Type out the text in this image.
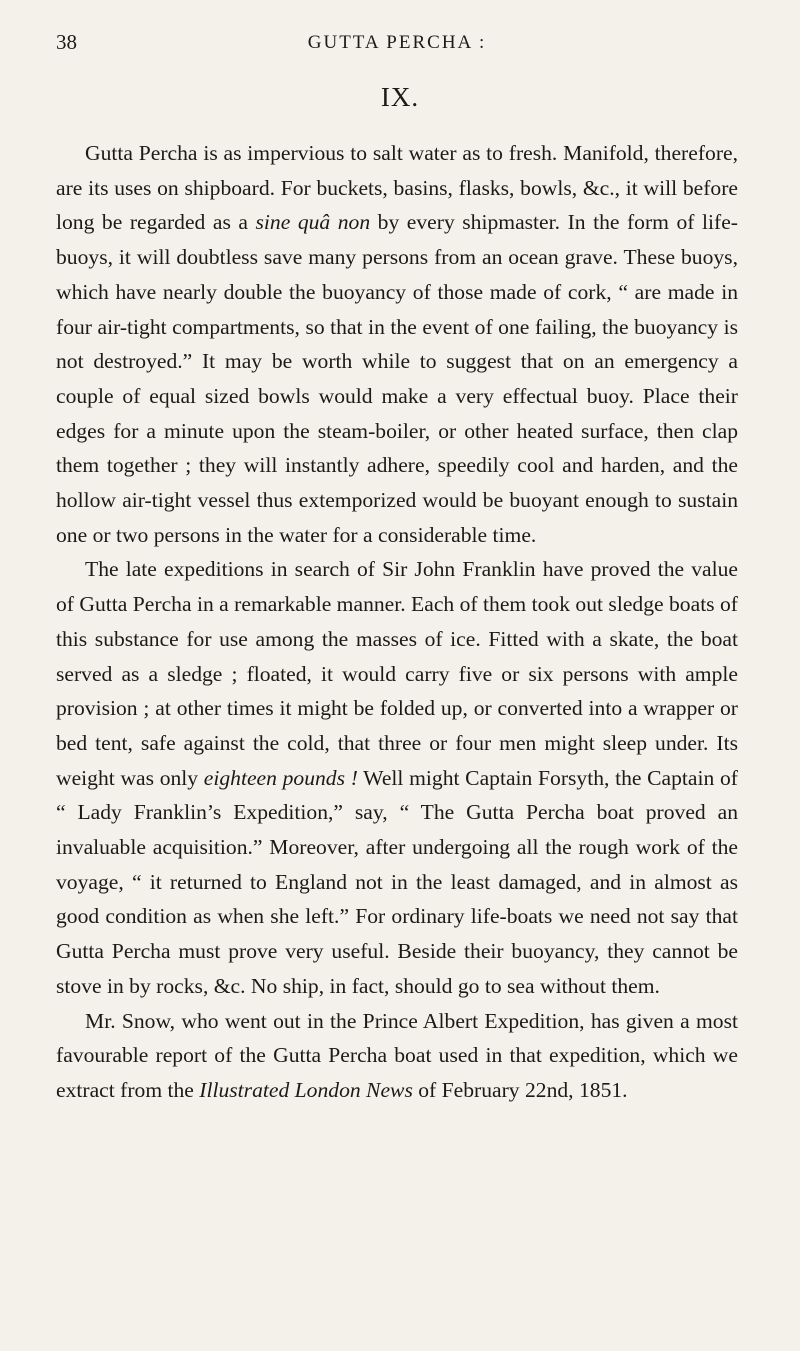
38	GUTTA PERCHA :
IX.

Gutta Percha is as impervious to salt water as to fresh. Manifold, therefore, are its uses on shipboard. For buckets, basins, flasks, bowls, &c., it will before long be regarded as a sine quâ non by every shipmaster. In the form of life-buoys, it will doubtless save many persons from an ocean grave. These buoys, which have nearly double the buoyancy of those made of cork, “ are made in four air-tight compartments, so that in the event of one failing, the buoyancy is not destroyed.” It may be worth while to suggest that on an emergency a couple of equal sized bowls would make a very effectual buoy. Place their edges for a minute upon the steam-boiler, or other heated surface, then clap them together ; they will instantly adhere, speedily cool and harden, and the hollow air-tight vessel thus extemporized would be buoyant enough to sustain one or two persons in the water for a considerable time.

The late expeditions in search of Sir John Franklin have proved the value of Gutta Percha in a remarkable manner. Each of them took out sledge boats of this substance for use among the masses of ice. Fitted with a skate, the boat served as a sledge ; floated, it would carry five or six persons with ample provision ; at other times it might be folded up, or converted into a wrapper or bed tent, safe against the cold, that three or four men might sleep under. Its weight was only eighteen pounds ! Well might Captain Forsyth, the Captain of “ Lady Franklin’s Expedition,” say, “ The Gutta Percha boat proved an invaluable acquisition.” Moreover, after undergoing all the rough work of the voyage, “ it returned to England not in the least damaged, and in almost as good condition as when she left.” For ordinary life-boats we need not say that Gutta Percha must prove very useful. Beside their buoyancy, they cannot be stove in by rocks, &c. No ship, in fact, should go to sea without them.

Mr. Snow, who went out in the Prince Albert Expedition, has given a most favourable report of the Gutta Percha boat used in that expedition, which we extract from the Illustrated London News of February 22nd, 1851.
